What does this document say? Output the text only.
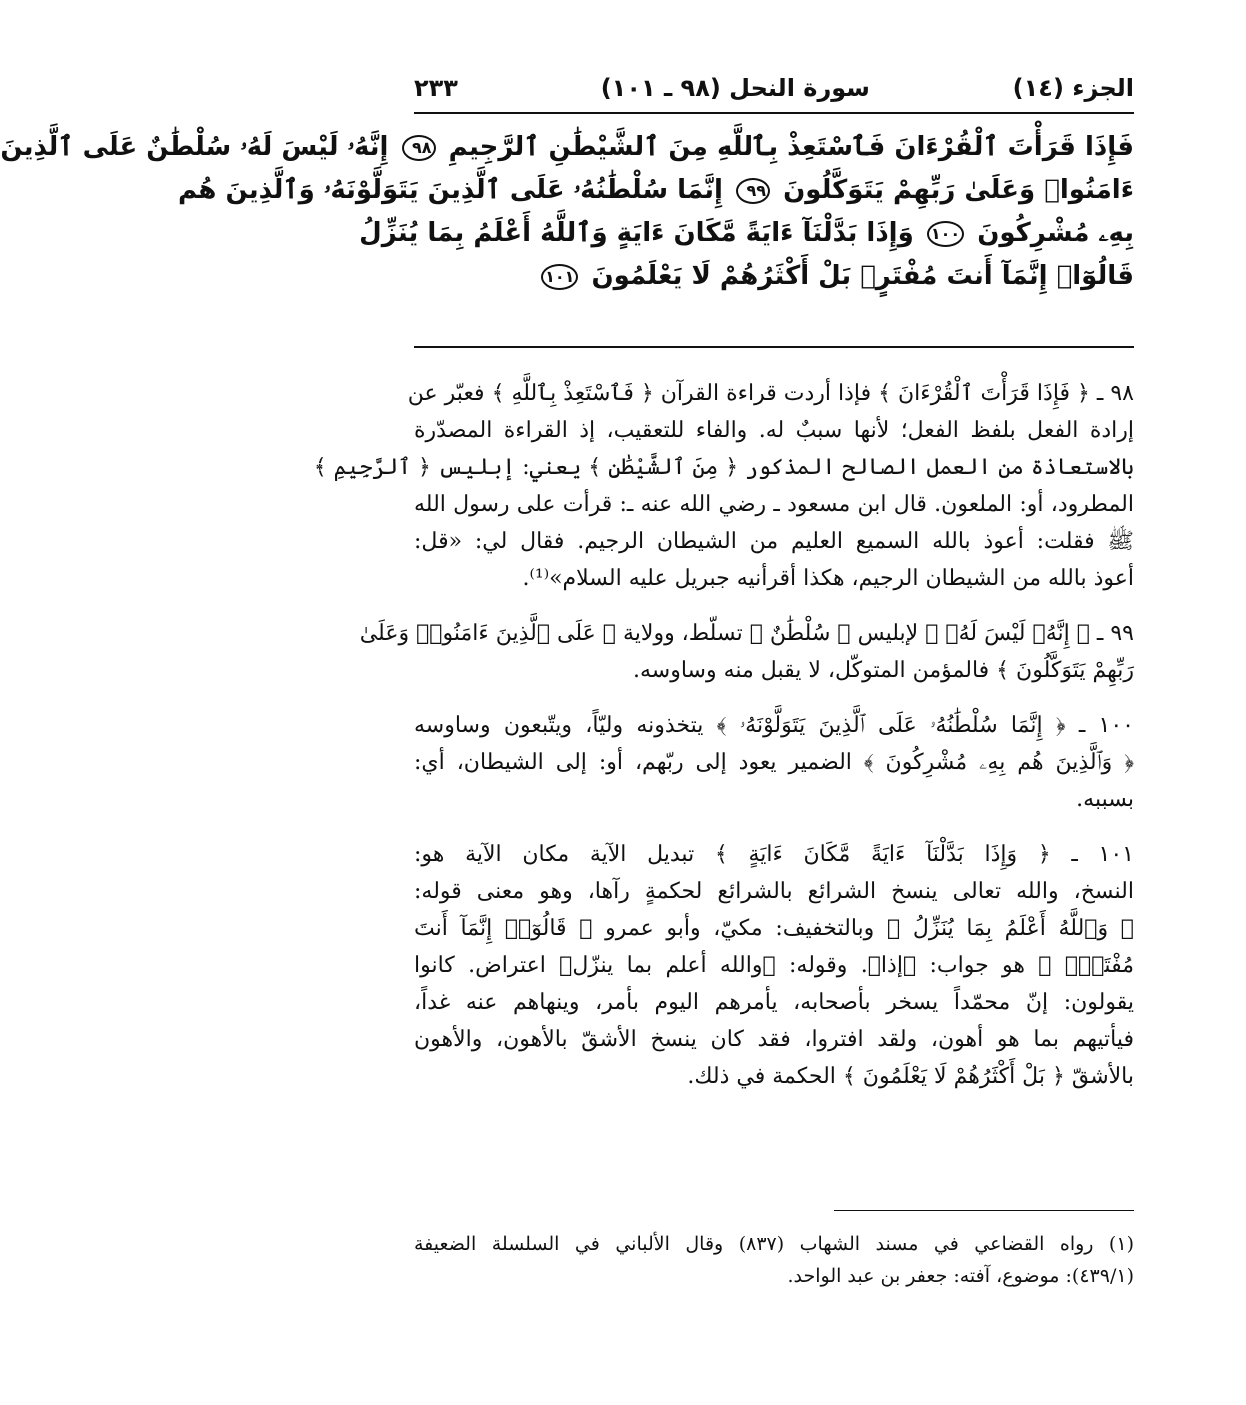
الجزء (١٤)
سورة النحل (٩٨ ـ ١٠١)
٢٣٣
فَإِذَا قَرَأْتَ ٱلْقُرْءَانَ فَٱسْتَعِذْ بِٱللَّهِ مِنَ ٱلشَّيْطَٰنِ ٱلرَّجِيمِ ٩٨ إِنَّهُۥ لَيْسَ لَهُۥ سُلْطَٰنٌ عَلَى ٱلَّذِينَ
ءَامَنُوا۟ وَعَلَىٰ رَبِّهِمْ يَتَوَكَّلُونَ ٩٩ إِنَّمَا سُلْطَٰنُهُۥ عَلَى ٱلَّذِينَ يَتَوَلَّوْنَهُۥ وَٱلَّذِينَ هُم
بِهِۦ مُشْرِكُونَ ١٠٠ وَإِذَا بَدَّلْنَآ ءَايَةً مَّكَانَ ءَايَةٍ وَٱللَّهُ أَعْلَمُ بِمَا يُنَزِّلُ
قَالُوٓا۟ إِنَّمَآ أَنتَ مُفْتَرٍۭ بَلْ أَكْثَرُهُمْ لَا يَعْلَمُونَ ١٠١
٩٨ ـ ﴿ فَإِذَا قَرَأْتَ ٱلْقُرْءَانَ ﴾ فإذا أردت قراءة القرآن ﴿ فَٱسْتَعِذْ بِٱللَّهِ ﴾ فعبّر عن
إرادة الفعل بلفظ الفعل؛ لأنها سببٌ له. والفاء للتعقيب، إذ القراءة المصدّرة
بالاستعاذة من العمل الصالح المذكور ﴿ مِنَ ٱلشَّيْطَٰنِ ﴾ يعني: إبليس ﴿ ٱلرَّجِيمِ ﴾
المطرود، أو: الملعون. قال ابن مسعود ـ رضي الله عنه ـ: قرأت على رسول الله
ﷺ فقلت: أعوذ بالله السميع العليم من الشيطان الرجيم. فقال لي: «قل:
أعوذ بالله من الشيطان الرجيم، هكذا أقرأنيه جبريل عليه السلام»⁽¹⁾.
٩٩ ـ ﴿ إِنَّهُۥ لَيْسَ لَهُۥ ﴾ لإبليس ﴿ سُلْطَٰنٌ ﴾ تسلّط، وولاية ﴿ عَلَى ٱلَّذِينَ ءَامَنُوا۟ وَعَلَىٰ
رَبِّهِمْ يَتَوَكَّلُونَ ﴾ فالمؤمن المتوكّل، لا يقبل منه وساوسه.
١٠٠ ـ ﴿ إِنَّمَا سُلْطَٰنُهُۥ عَلَى ٱلَّذِينَ يَتَوَلَّوْنَهُۥ ﴾ يتخذونه وليّاً، ويتّبعون وساوسه
﴿ وَٱلَّذِينَ هُم بِهِۦ مُشْرِكُونَ ﴾ الضمير يعود إلى ربّهم، أو: إلى الشيطان، أي:
بسببه.
١٠١ ـ ﴿ وَإِذَا بَدَّلْنَآ ءَايَةً مَّكَانَ ءَايَةٍ ﴾ تبديل الآية مكان الآية هو:
النسخ، والله تعالى ينسخ الشرائع بالشرائع لحكمةٍ رآها، وهو معنى قوله:
﴿ وَٱللَّهُ أَعْلَمُ بِمَا يُنَزِّلُ ﴾ وبالتخفيف: مكيّ، وأبو عمرو ﴿ قَالُوٓا۟ إِنَّمَآ أَنتَ
مُفْتَرٍۭ ﴾ هو جواب: ﴿إذا﴾. وقوله: ﴿والله أعلم بما ينزّل﴾ اعتراض. كانوا
يقولون: إنّ محمّداً يسخر بأصحابه، يأمرهم اليوم بأمر، وينهاهم عنه غداً،
فيأتيهم بما هو أهون، ولقد افتروا، فقد كان ينسخ الأشقّ بالأهون، والأهون
بالأشقّ ﴿ بَلْ أَكْثَرُهُمْ لَا يَعْلَمُونَ ﴾ الحكمة في ذلك.
(١) رواه القضاعي في مسند الشهاب (٨٣٧) وقال الألباني في السلسلة الضعيفة
(٤٣٩/١): موضوع، آفته: جعفر بن عبد الواحد.
